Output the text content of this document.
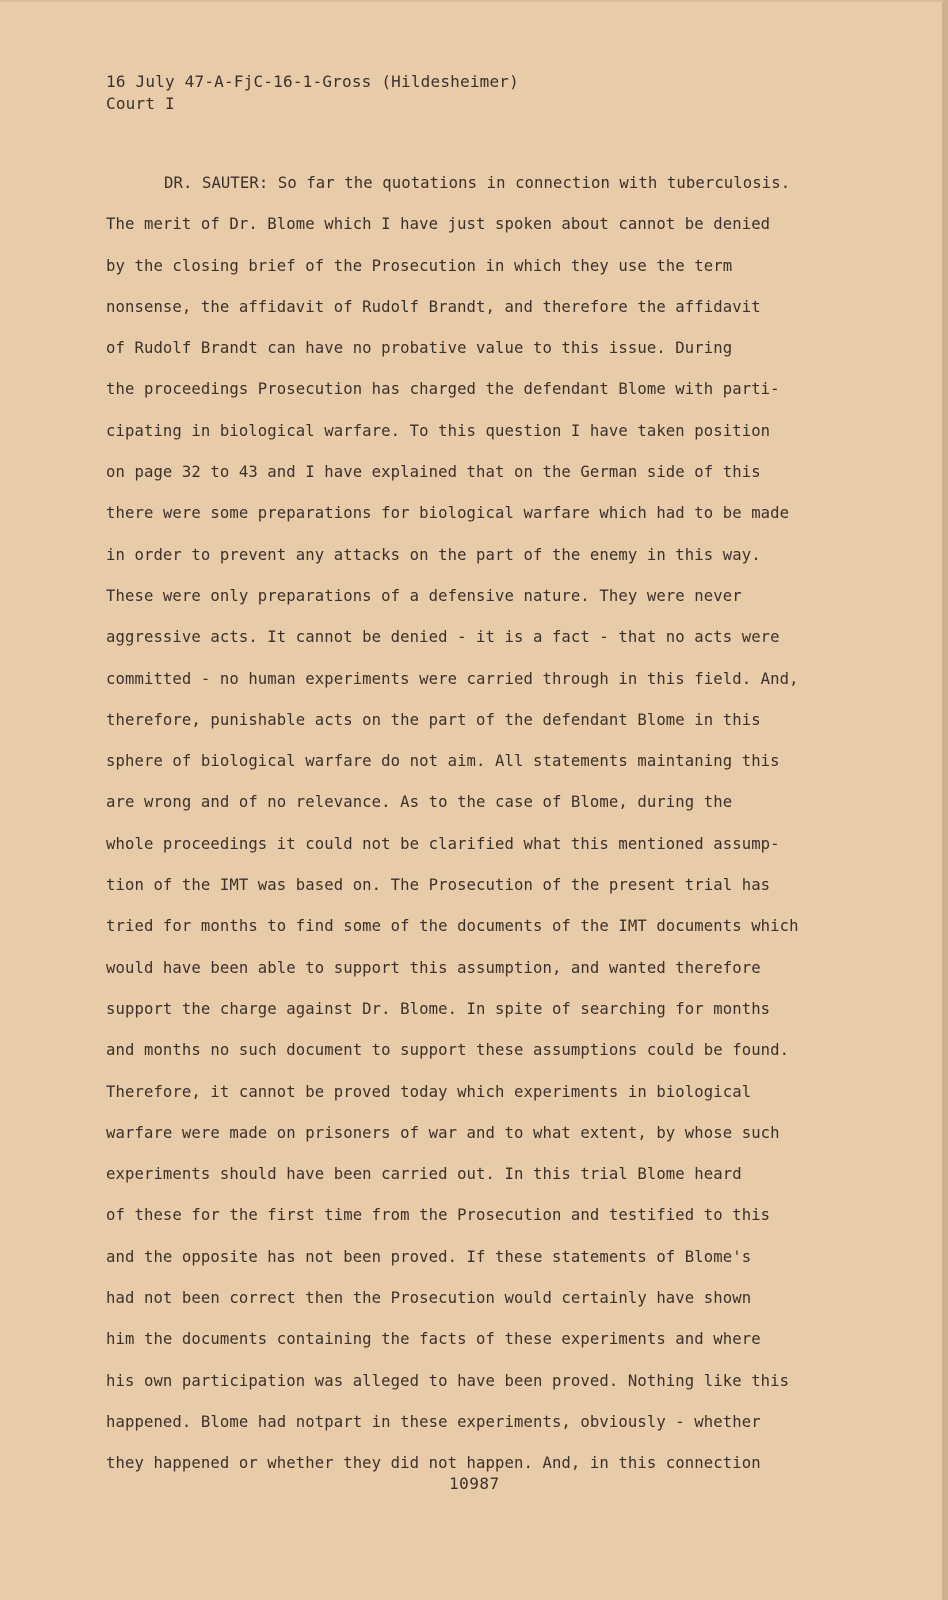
16 July 47-A-FjC-16-1-Gross (Hildesheimer)
Court I
DR. SAUTER: So far the quotations in connection with tuberculosis.
The merit of Dr. Blome which I have just spoken about cannot be denied
by the closing brief of the Prosecution in which they use the term
nonsense, the affidavit of Rudolf Brandt, and therefore the affidavit
of Rudolf Brandt can have no probative value to this issue. During
the proceedings Prosecution has charged the defendant Blome with parti-
cipating in biological warfare. To this question I have taken position
on page 32 to 43 and I have explained that on the German side of this
there were some preparations for biological warfare which had to be made
in order to prevent any attacks on the part of the enemy in this way.
These were only preparations of a defensive nature. They were never
aggressive acts. It cannot be denied - it is a fact - that no acts were
committed - no human experiments were carried through in this field. And,
therefore, punishable acts on the part of the defendant Blome in this
sphere of biological warfare do not aim. All statements maintaning this
are wrong and of no relevance. As to the case of Blome, during the
whole proceedings it could not be clarified what this mentioned assump-
tion of the IMT was based on. The Prosecution of the present trial has
tried for months to find some of the documents of the IMT documents which
would have been able to support this assumption, and wanted therefore
support the charge against Dr. Blome. In spite of searching for months
and months no such document to support these assumptions could be found.
Therefore, it cannot be proved today which experiments in biological
warfare were made on prisoners of war and to what extent, by whose such
experiments should have been carried out. In this trial Blome heard
of these for the first time from the Prosecution and testified to this
and the opposite has not been proved. If these statements of Blome's
had not been correct then the Prosecution would certainly have shown
him the documents containing the facts of these experiments and where
his own participation was alleged to have been proved. Nothing like this
happened. Blome had notpart in these experiments, obviously - whether
they happened or whether they did not happen. And, in this connection
10987
